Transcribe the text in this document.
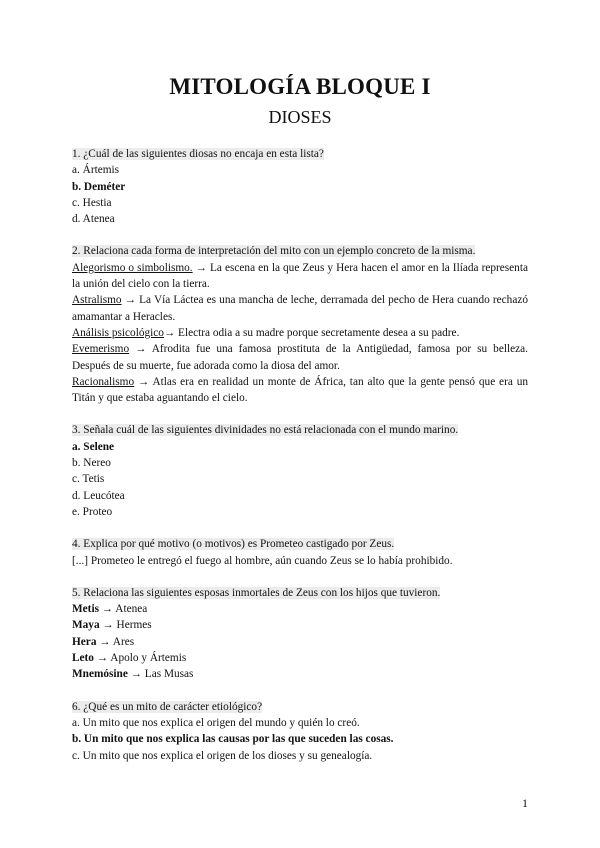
MITOLOGÍA BLOQUE I
DIOSES
1. ¿Cuál de las siguientes diosas no encaja en esta lista?
a. Ártemis
b. Deméter
c. Hestia
d. Atenea
2. Relaciona cada forma de interpretación del mito con un ejemplo concreto de la misma.
Alegorismo o simbolismo. → La escena en la que Zeus y Hera hacen el amor en la Ilíada representa la unión del cielo con la tierra.
Astralismo → La Vía Láctea es una mancha de leche, derramada del pecho de Hera cuando rechazó amamantar a Heracles.
Análisis psicológico→ Electra odia a su madre porque secretamente desea a su padre.
Evemerismo → Afrodita fue una famosa prostituta de la Antigüedad, famosa por su belleza. Después de su muerte, fue adorada como la diosa del amor.
Racionalismo → Atlas era en realidad un monte de África, tan alto que la gente pensó que era un Titán y que estaba aguantando el cielo.
3. Señala cuál de las siguientes divinidades no está relacionada con el mundo marino.
a. Selene
b. Nereo
c. Tetis
d. Leucótea
e. Proteo
4. Explica por qué motivo (o motivos) es Prometeo castigado por Zeus.
[...] Prometeo le entregó el fuego al hombre, aún cuando Zeus se lo había prohibido.
5. Relaciona las siguientes esposas inmortales de Zeus con los hijos que tuvieron.
Metis → Atenea
Maya → Hermes
Hera → Ares
Leto → Apolo y Ártemis
Mnemósine → Las Musas
6. ¿Qué es un mito de carácter etiológico?
a. Un mito que nos explica el origen del mundo y quién lo creó.
b. Un mito que nos explica las causas por las que suceden las cosas.
c. Un mito que nos explica el origen de los dioses y su genealogía.
1
